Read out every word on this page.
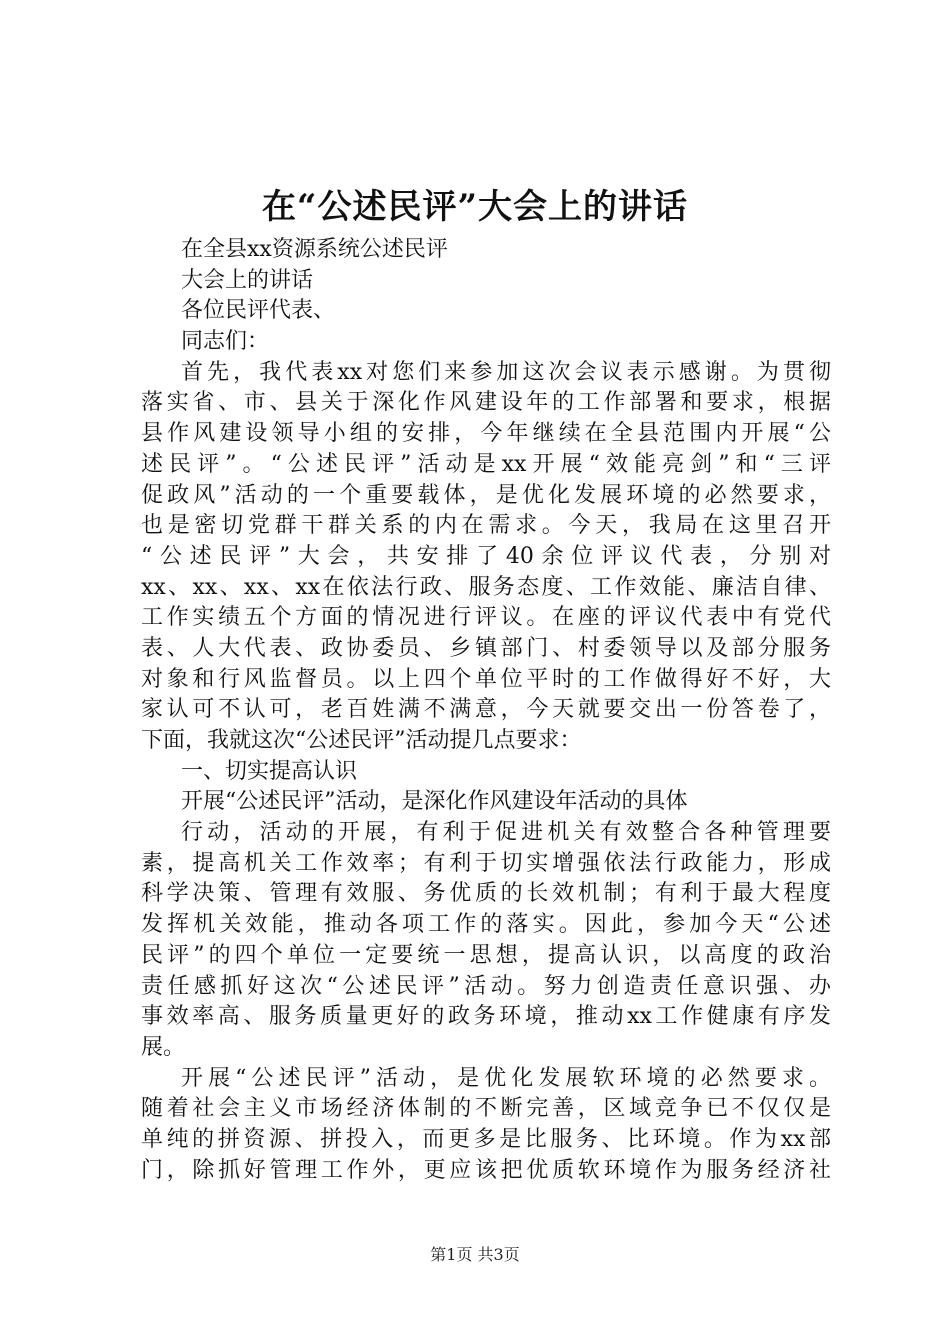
在“公述民评”大会上的讲话
在全县xx资源系统公述民评
大会上的讲话
各位民评代表、
同志们：
首先，我代表xx对您们来参加这次会议表示感谢。为贯彻
落实省、市、县关于深化作风建设年的工作部署和要求，根据
县作风建设领导小组的安排，今年继续在全县范围内开展“公
述民评”。“公述民评”活动是xx开展“效能亮剑”和“三评
促政风”活动的一个重要载体，是优化发展环境的必然要求，
也是密切党群干群关系的内在需求。今天，我局在这里召开
“公述民评”大会，共安排了40余位评议代表，分别对
xx、xx、xx、xx在依法行政、服务态度、工作效能、廉洁自律、
工作实绩五个方面的情况进行评议。在座的评议代表中有党代
表、人大代表、政协委员、乡镇部门、村委领导以及部分服务
对象和行风监督员。以上四个单位平时的工作做得好不好，大
家认可不认可，老百姓满不满意，今天就要交出一份答卷了，
下面，我就这次“公述民评”活动提几点要求：
一、切实提高认识
开展“公述民评”活动，是深化作风建设年活动的具体
行动，活动的开展，有利于促进机关有效整合各种管理要
素，提高机关工作效率；有利于切实增强依法行政能力，形成
科学决策、管理有效服、务优质的长效机制；有利于最大程度
发挥机关效能，推动各项工作的落实。因此，参加今天“公述
民评”的四个单位一定要统一思想，提高认识，以高度的政治
责任感抓好这次“公述民评”活动。努力创造责任意识强、办
事效率高、服务质量更好的政务环境，推动xx工作健康有序发
展。
开展“公述民评”活动，是优化发展软环境的必然要求。
随着社会主义市场经济体制的不断完善，区域竞争已不仅仅是
单纯的拼资源、拼投入，而更多是比服务、比环境。作为xx部
门，除抓好管理工作外，更应该把优质软环境作为服务经济社
第1页 共3页
